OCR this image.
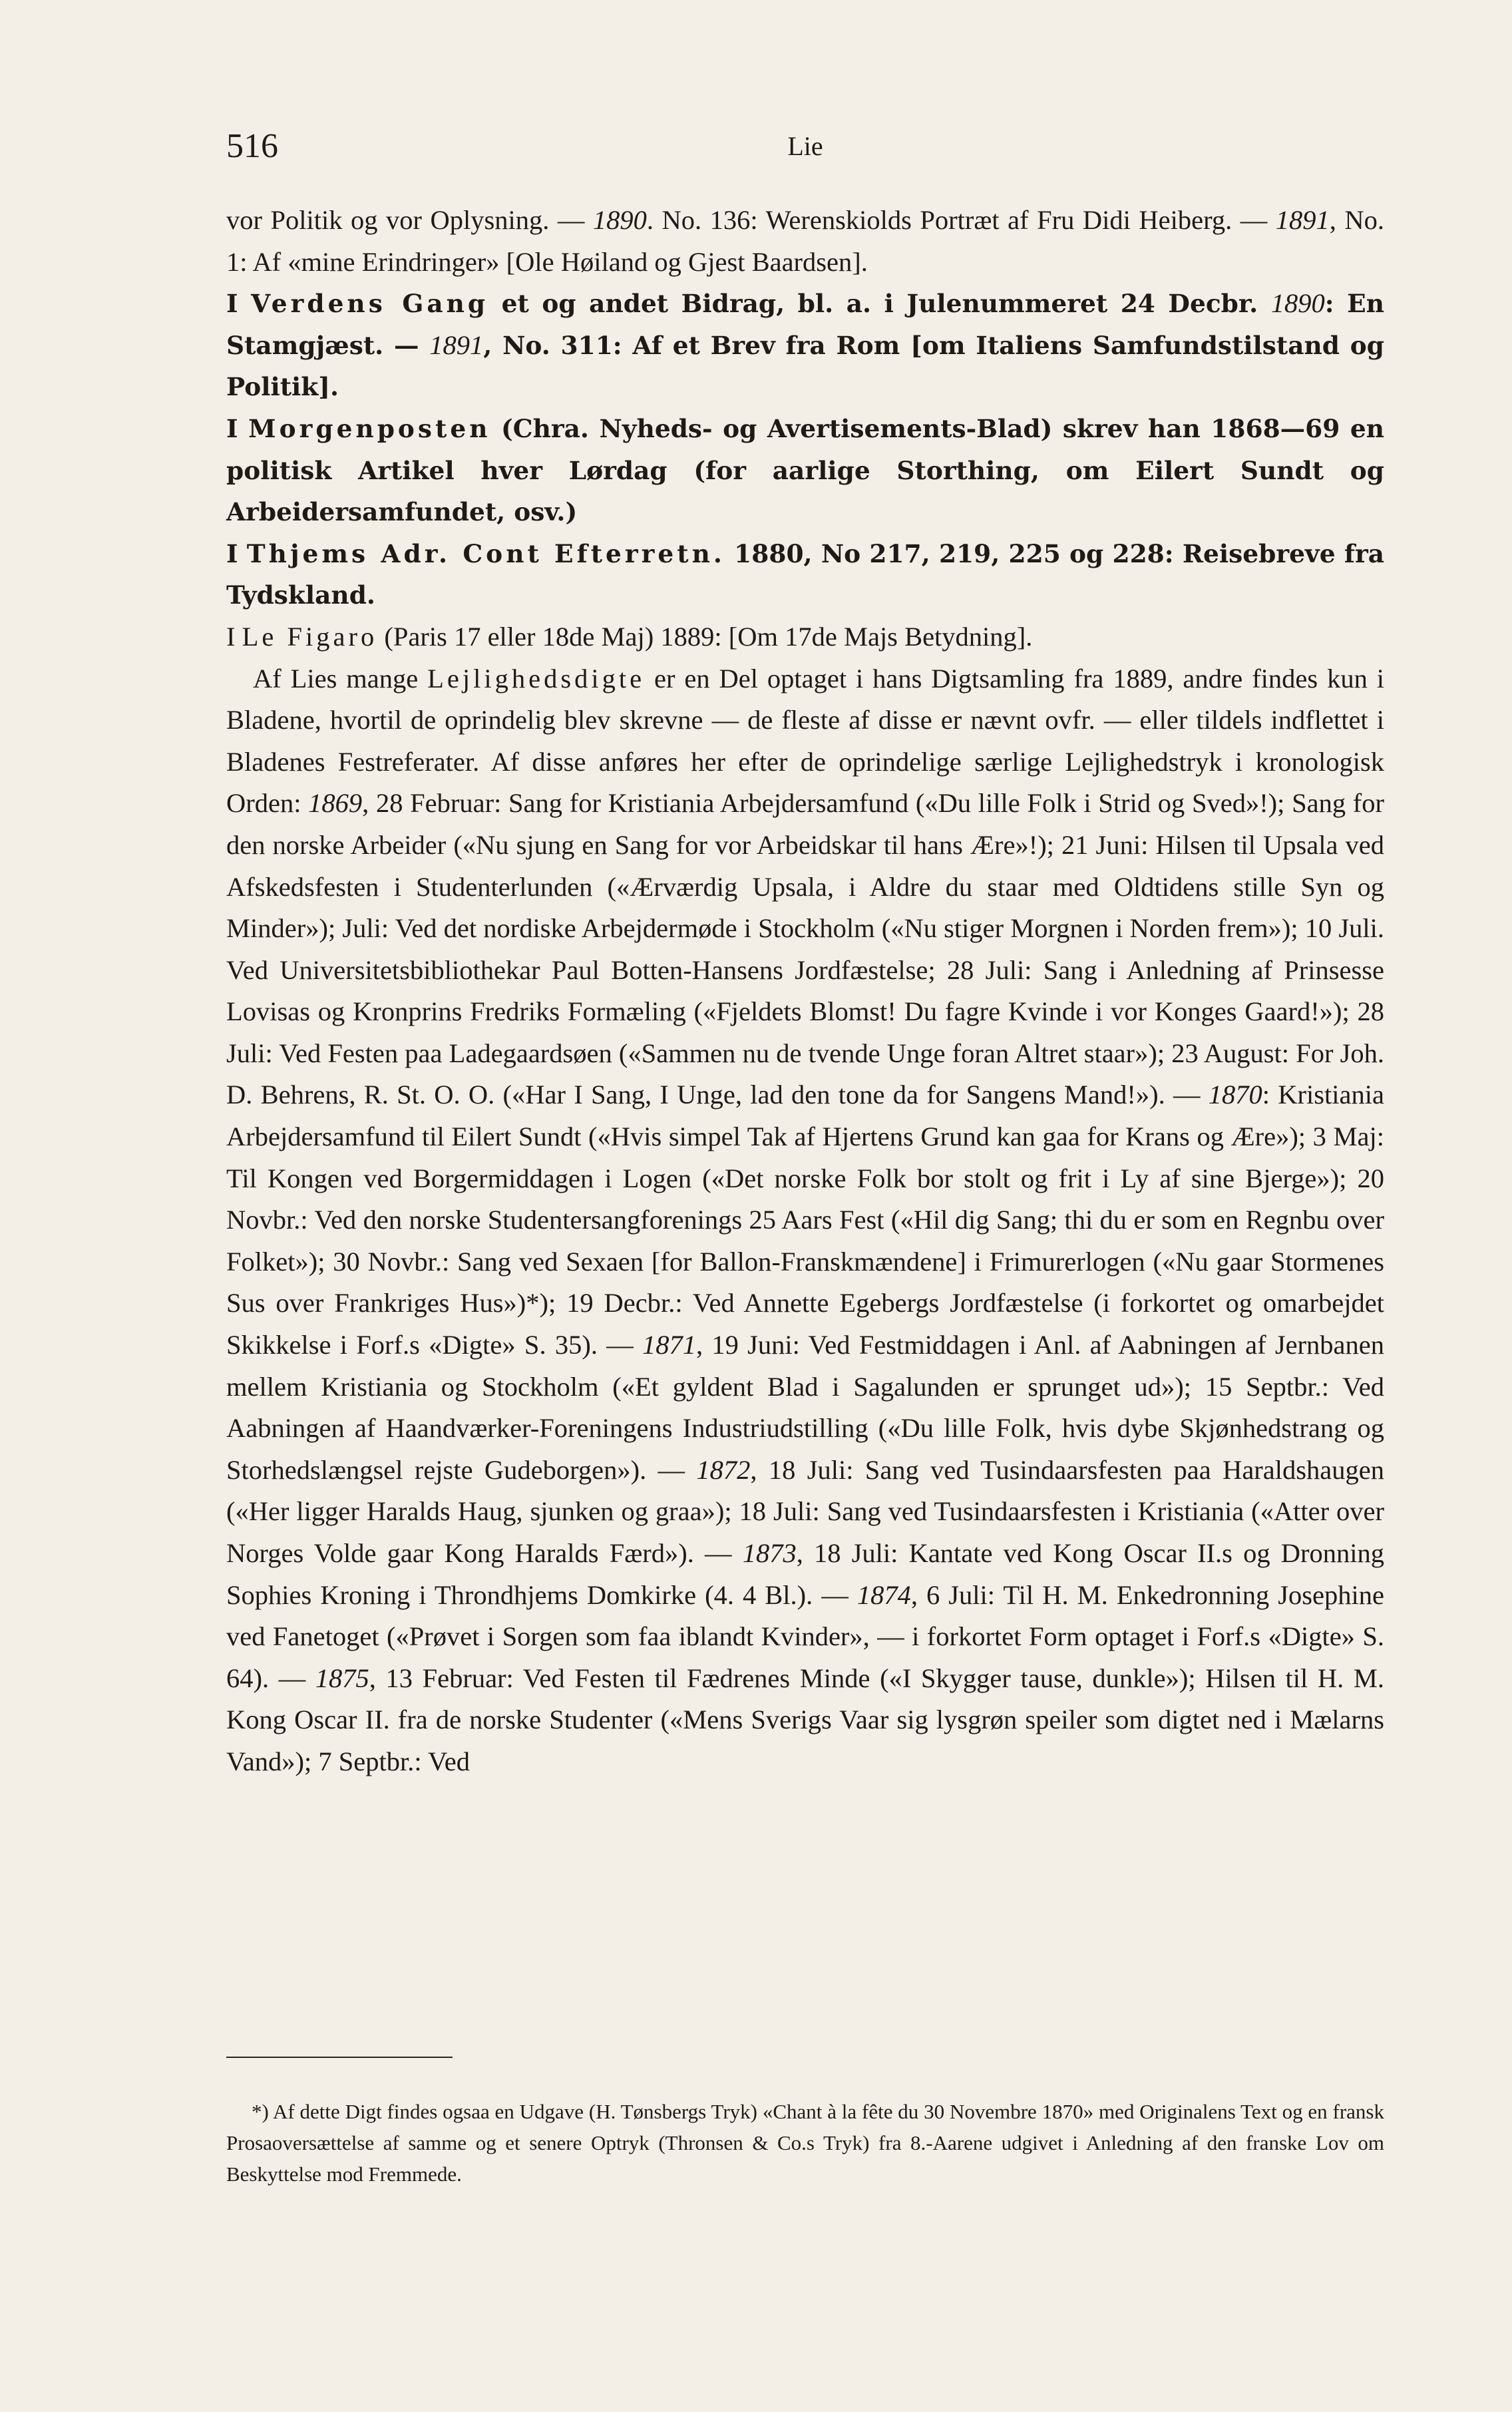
516	Lie

vor Politik og vor Oplysning. — 1890. No. 136: Werenskiolds Portræt af Fru Didi Heiberg. — 1891, No. 1: Af «mine Erindringer» [Ole Høiland og Gjest Baardsen].

I Verdens Gang et og andet Bidrag, bl. a. i Julenummeret 24 Decbr. 1890: En Stamgjæst. — 1891, No. 311: Af et Brev fra Rom [om Italiens Samfundstilstand og Politik].

I Morgenposten (Chra. Nyheds- og Avertisements-Blad) skrev han 1868—69 en politisk Artikel hver Lørdag (for aarlige Storthing, om Eilert Sundt og Arbeidersamfundet, osv.)

I Thjems Adr. Cont Efterretn. 1880, No 217, 219, 225 og 228: Reisebreve fra Tydskland.

I Le Figaro (Paris 17 eller 18de Maj) 1889: [Om 17de Majs Betydning].

Af Lies mange Lejlighedsdigte er en Del optaget i hans Digtsamling fra 1889, andre findes kun i Bladene, hvortil de oprindelig blev skrevne — de fleste af disse er nævnt ovfr. — eller tildels indflettet i Bladenes Festreferater. Af disse anføres her efter de oprindelige særlige Lejlighedstryk i kronologisk Orden: 1869, 28 Februar: Sang for Kristiania Arbejdersamfund («Du lille Folk i Strid og Sved»!); Sang for den norske Arbeider («Nu sjung en Sang for vor Arbeidskar til hans Ære»!); 21 Juni: Hilsen til Upsala ved Afskedsfesten i Studenterlunden («Ærværdig Upsala, i Aldre du staar med Oldtidens stille Syn og Minder»); Juli: Ved det nordiske Arbejdermøde i Stockholm («Nu stiger Morgnen i Norden frem»); 10 Juli. Ved Universitetsbibliothekar Paul Botten-Hansens Jordfæstelse; 28 Juli: Sang i Anledning af Prinsesse Lovisas og Kronprins Fredriks Formæling («Fjeldets Blomst! Du fagre Kvinde i vor Konges Gaard!»); 28 Juli: Ved Festen paa Ladegaardsøen («Sammen nu de tvende Unge foran Altret staar»); 23 August: For Joh. D. Behrens, R. St. O. O. («Har I Sang, I Unge, lad den tone da for Sangens Mand!»). — 1870: Kristiania Arbejdersamfund til Eilert Sundt («Hvis simpel Tak af Hjertens Grund kan gaa for Krans og Ære»); 3 Maj: Til Kongen ved Borgermiddagen i Logen («Det norske Folk bor stolt og frit i Ly af sine Bjerge»); 20 Novbr.: Ved den norske Studentersangforenings 25 Aars Fest («Hil dig Sang; thi du er som en Regnbu over Folket»); 30 Novbr.: Sang ved Sexaen [for Ballon-Franskmændene] i Frimurerlogen («Nu gaar Stormenes Sus over Frankriges Hus»)*); 19 Decbr.: Ved Annette Egebergs Jordfæstelse (i forkortet og omarbejdet Skikkelse i Forf.s «Digte» S. 35). — 1871, 19 Juni: Ved Festmiddagen i Anl. af Aabningen af Jernbanen mellem Kristiania og Stockholm («Et gyldent Blad i Sagalunden er sprunget ud»); 15 Septbr.: Ved Aabningen af Haandværker-Foreningens Industriudstilling («Du lille Folk, hvis dybe Skjønhedstrang og Storhedslængsel rejste Gudeborgen»). — 1872, 18 Juli: Sang ved Tusindaarsfesten paa Haraldshaugen («Her ligger Haralds Haug, sjunken og graa»); 18 Juli: Sang ved Tusindaarsfesten i Kristiania («Atter over Norges Volde gaar Kong Haralds Færd»). — 1873, 18 Juli: Kantate ved Kong Oscar II.s og Dronning Sophies Kroning i Throndhjems Domkirke (4. 4 Bl.). — 1874, 6 Juli: Til H. M. Enkedronning Josephine ved Fanetoget («Prøvet i Sorgen som faa iblandt Kvinder», — i forkortet Form optaget i Forf.s «Digte» S. 64). — 1875, 13 Februar: Ved Festen til Fædrenes Minde («I Skygger tause, dunkle»); Hilsen til H. M. Kong Oscar II. fra de norske Studenter («Mens Sverigs Vaar sig lysgrøn speiler som digtet ned i Mælarns Vand»); 7 Septbr.: Ved

*) Af dette Digt findes ogsaa en Udgave (H. Tønsbergs Tryk) «Chant à la fête du 30 Novembre 1870» med Originalens Text og en fransk Prosaoversættelse af samme og et senere Optryk (Thronsen & Co.s Tryk) fra 8.-Aarene udgivet i Anledning af den franske Lov om Beskyttelse mod Fremmede.
